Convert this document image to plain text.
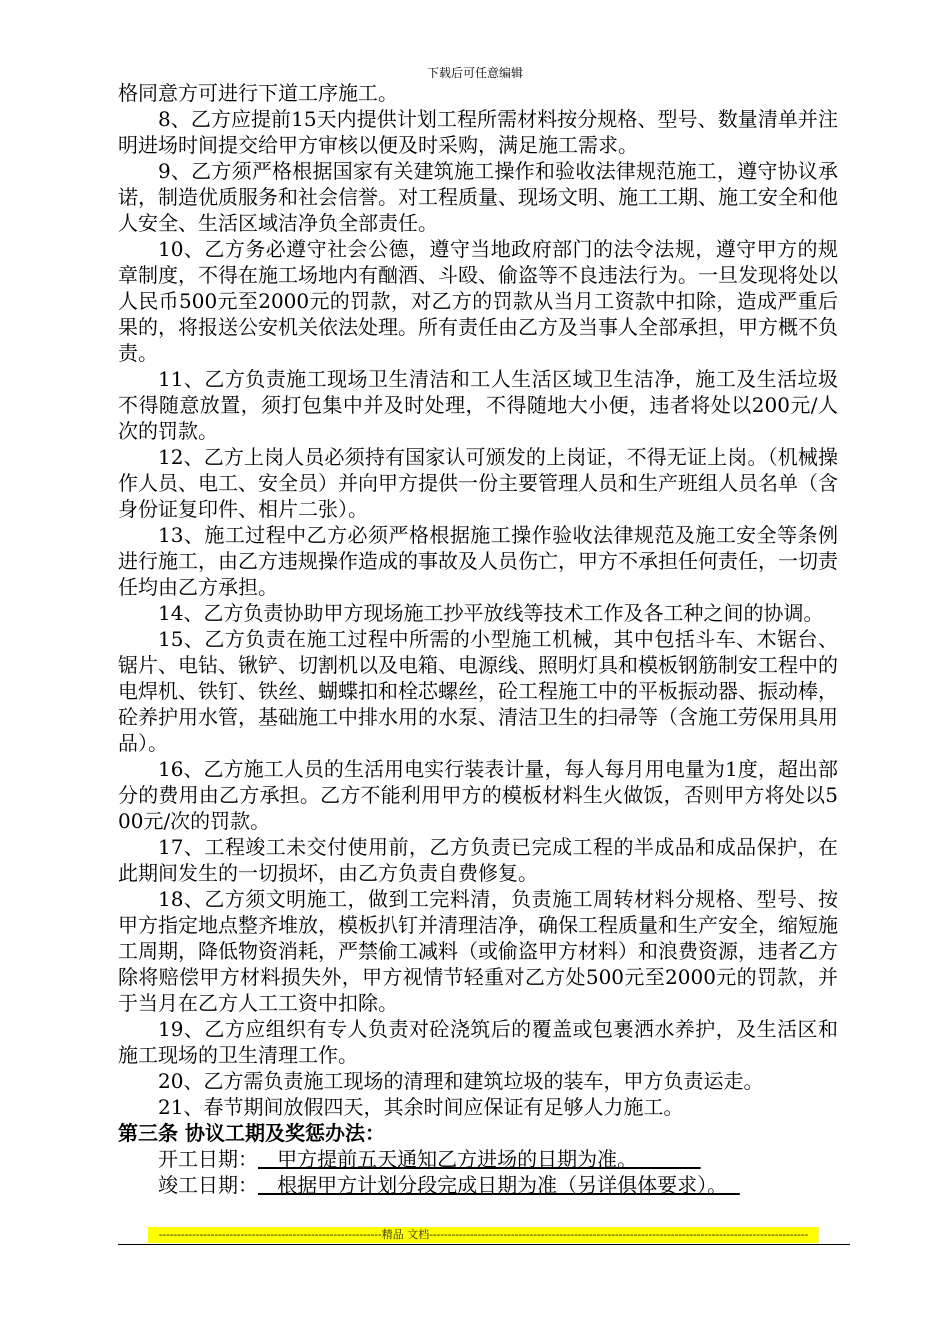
下载后可任意编辑

格同意方可进行下道工序施工。

8、乙方应提前15天内提供计划工程所需材料按分规格、型号、数量清单并注明进场时间提交给甲方审核以便及时采购，满足施工需求。

9、乙方须严格根据国家有关建筑施工操作和验收法律规范施工，遵守协议承诺，制造优质服务和社会信誉。对工程质量、现场文明、施工工期、施工安全和他人安全、生活区域洁净负全部责任。

10、乙方务必遵守社会公德，遵守当地政府部门的法令法规，遵守甲方的规章制度，不得在施工场地内有酗酒、斗殴、偷盗等不良违法行为。一旦发现将处以人民币500元至2000元的罚款，对乙方的罚款从当月工资款中扣除，造成严重后果的，将报送公安机关依法处理。所有责任由乙方及当事人全部承担，甲方概不负责。

11、乙方负责施工现场卫生清洁和工人生活区域卫生洁净，施工及生活垃圾不得随意放置，须打包集中并及时处理，不得随地大小便，违者将处以200元/人次的罚款。

12、乙方上岗人员必须持有国家认可颁发的上岗证，不得无证上岗。（机械操作人员、电工、安全员）并向甲方提供一份主要管理人员和生产班组人员名单（含身份证复印件、相片二张）。

13、施工过程中乙方必须严格根据施工操作验收法律规范及施工安全等条例进行施工，由乙方违规操作造成的事故及人员伤亡，甲方不承担任何责任，一切责任均由乙方承担。

14、乙方负责协助甲方现场施工抄平放线等技术工作及各工种之间的协调。

15、乙方负责在施工过程中所需的小型施工机械，其中包括斗车、木锯台、锯片、电钻、锹铲、切割机以及电箱、电源线、照明灯具和模板钢筋制安工程中的电焊机、铁钉、铁丝、蝴蝶扣和栓芯螺丝，砼工程施工中的平板振动器、振动棒，砼养护用水管，基础施工中排水用的水泵、清洁卫生的扫帚等（含施工劳保用具用品）。

16、乙方施工人员的生活用电实行装表计量，每人每月用电量为1度，超出部分的费用由乙方承担。乙方不能利用甲方的模板材料生火做饭，否则甲方将处以500元/次的罚款。

17、工程竣工未交付使用前，乙方负责已完成工程的半成品和成品保护，在此期间发生的一切损坏，由乙方负责自费修复。

18、乙方须文明施工，做到工完料清，负责施工周转材料分规格、型号、按甲方指定地点整齐堆放，模板扒钉并清理洁净，确保工程质量和生产安全，缩短施工周期，降低物资消耗，严禁偷工减料（或偷盗甲方材料）和浪费资源，违者乙方除将赔偿甲方材料损失外，甲方视情节轻重对乙方处500元至2000元的罚款，并于当月在乙方人工工资中扣除。

19、乙方应组织有专人负责对砼浇筑后的覆盖或包裹洒水养护，及生活区和施工现场的卫生清理工作。

20、乙方需负责施工现场的清理和建筑垃圾的装车，甲方负责运走。

21、春节期间放假四天，其余时间应保证有足够人力施工。

第三条 协议工期及奖惩办法：

开工日期：   甲方提前五天通知乙方进场的日期为准。

竣工日期：   根据甲方计划分段完成日期为准（另详俱体要求）。

------------------------------------------------------------精品 文档------------------------------------------------------------------------------------------------------
